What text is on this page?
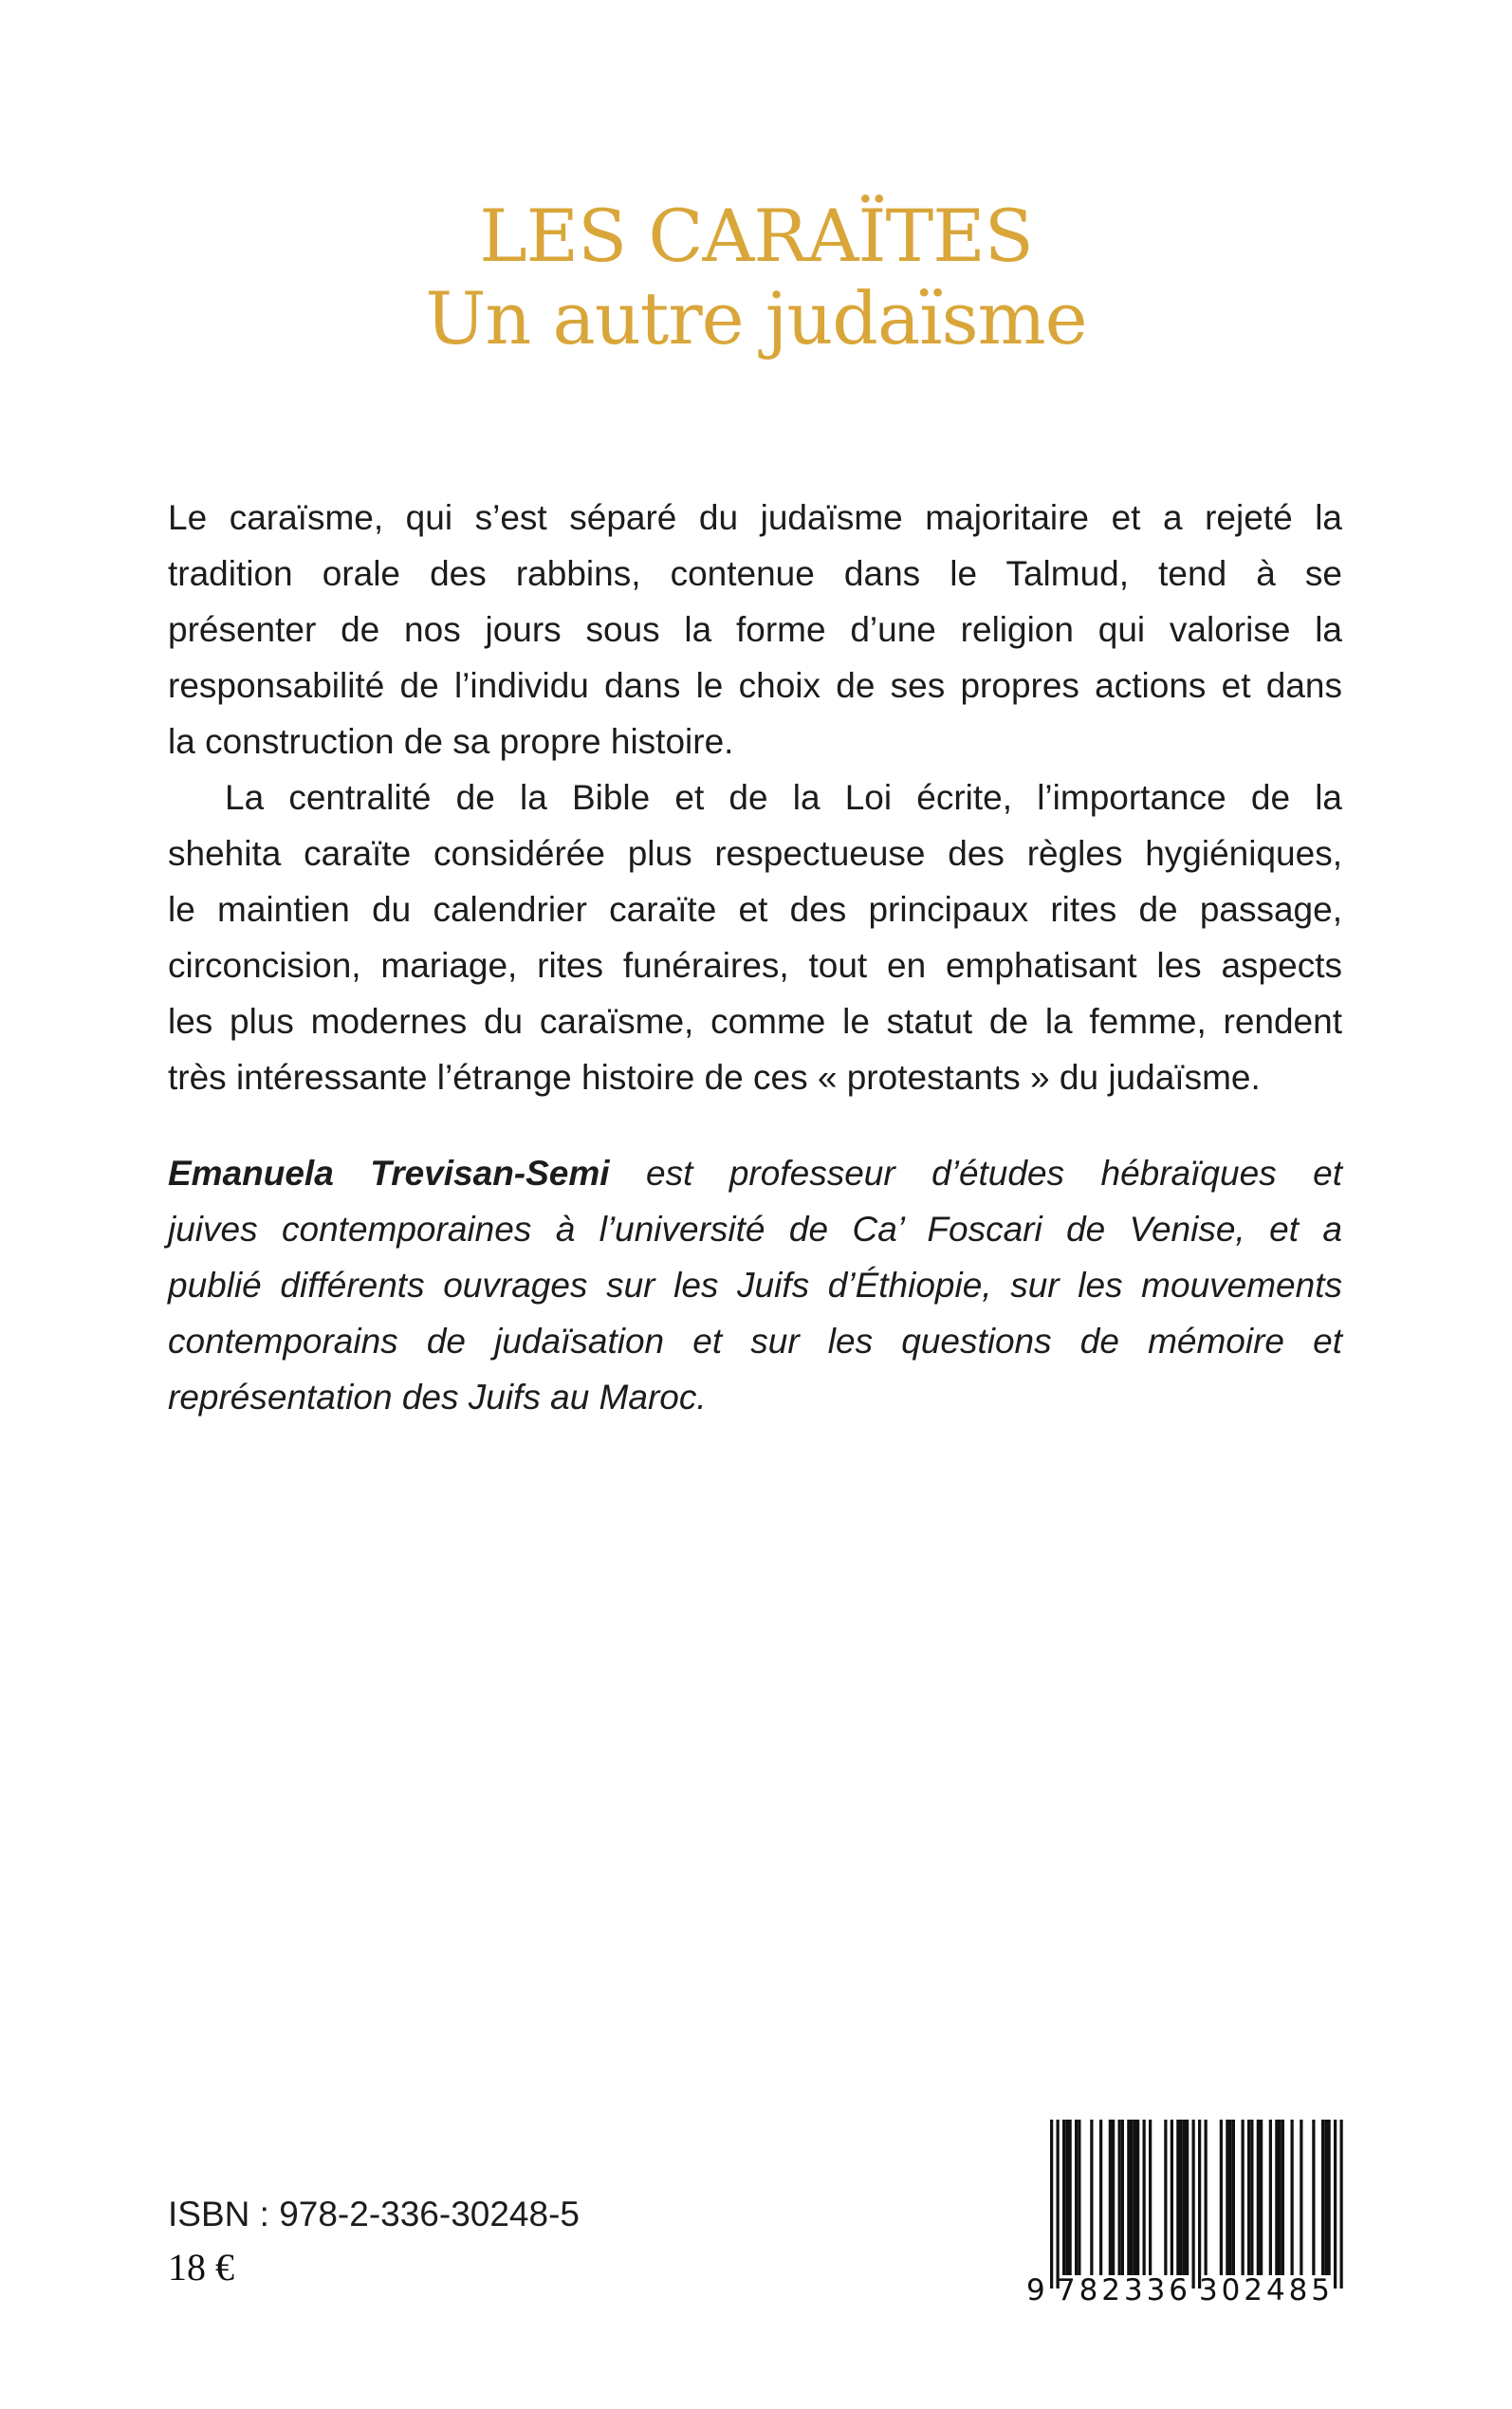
LES CARAÏTES
Un autre judaïsme
Le caraïsme, qui s’est séparé du judaïsme majoritaire et a rejeté la
tradition orale des rabbins, contenue dans le Talmud, tend à se
présenter de nos jours sous la forme d’une religion qui valorise la
responsabilité de l’individu dans le choix de ses propres actions et dans
la construction de sa propre histoire.
La centralité de la Bible et de la Loi écrite, l’importance de la
shehita caraïte considérée plus respectueuse des règles hygiéniques,
le maintien du calendrier caraïte et des principaux rites de passage,
circoncision, mariage, rites funéraires, tout en emphatisant les aspects
les plus modernes du caraïsme, comme le statut de la femme, rendent
très intéressante l’étrange histoire de ces « protestants » du judaïsme.
Emanuela Trevisan-Semi est professeur d’études hébraïques et
juives contemporaines à l’université de Ca’ Foscari de Venise, et a
publié différents ouvrages sur les Juifs d’Éthiopie, sur les mouvements
contemporains de judaïsation et sur les questions de mémoire et
représentation des Juifs au Maroc.
ISBN : 978-2-336-30248-5
18 €
9 782336 302485
